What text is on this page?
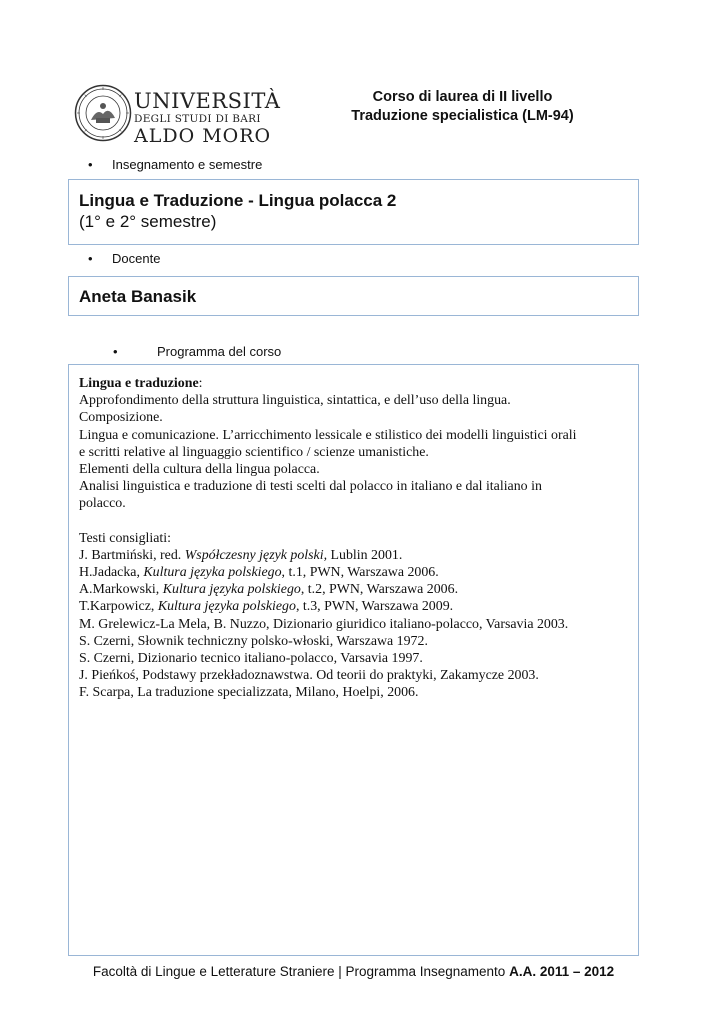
UNIVERSITÀ
DEGLI STUDI DI BARI
ALDO MORO
Corso di laurea di II livello
Traduzione specialistica (LM-94)
• Insegnamento e semestre
Lingua e Traduzione - Lingua polacca 2
(1° e 2° semestre)
• Docente
Aneta Banasik
•	Programma del corso

Lingua e traduzione:

Approfondimento della struttura linguistica, sintattica, e dell’uso della lingua.

Composizione.

Lingua e comunicazione. L’arricchimento lessicale e stilistico dei modelli linguistici orali

e scritti relative al linguaggio scientifico / scienze umanistiche.

Elementi della cultura della lingua polacca.

Analisi linguistica e traduzione di testi scelti dal polacco in italiano e dal italiano in

polacco.

Testi consigliati:

J. Bartmiński, red. Współczesny język polski, Lublin 2001.

H.Jadacka, Kultura języka polskiego, t.1, PWN, Warszawa 2006.

A.Markowski, Kultura języka polskiego, t.2, PWN, Warszawa 2006.

T.Karpowicz, Kultura języka polskiego, t.3, PWN, Warszawa 2009.

M. Grelewicz-La Mela, B. Nuzzo, Dizionario giuridico italiano-polacco, Varsavia 2003.

S. Czerni, Słownik techniczny polsko-włoski, Warszawa 1972.

S. Czerni, Dizionario tecnico italiano-polacco, Varsavia 1997.

J. Pieńkoś, Podstawy przekładoznawstwa. Od teorii do praktyki, Zakamycze 2003.

F. Scarpa, La traduzione specializzata, Milano, Hoelpi, 2006.

Facoltà di Lingue e Letterature Straniere | Programma Insegnamento A.A. 2011 – 2012
